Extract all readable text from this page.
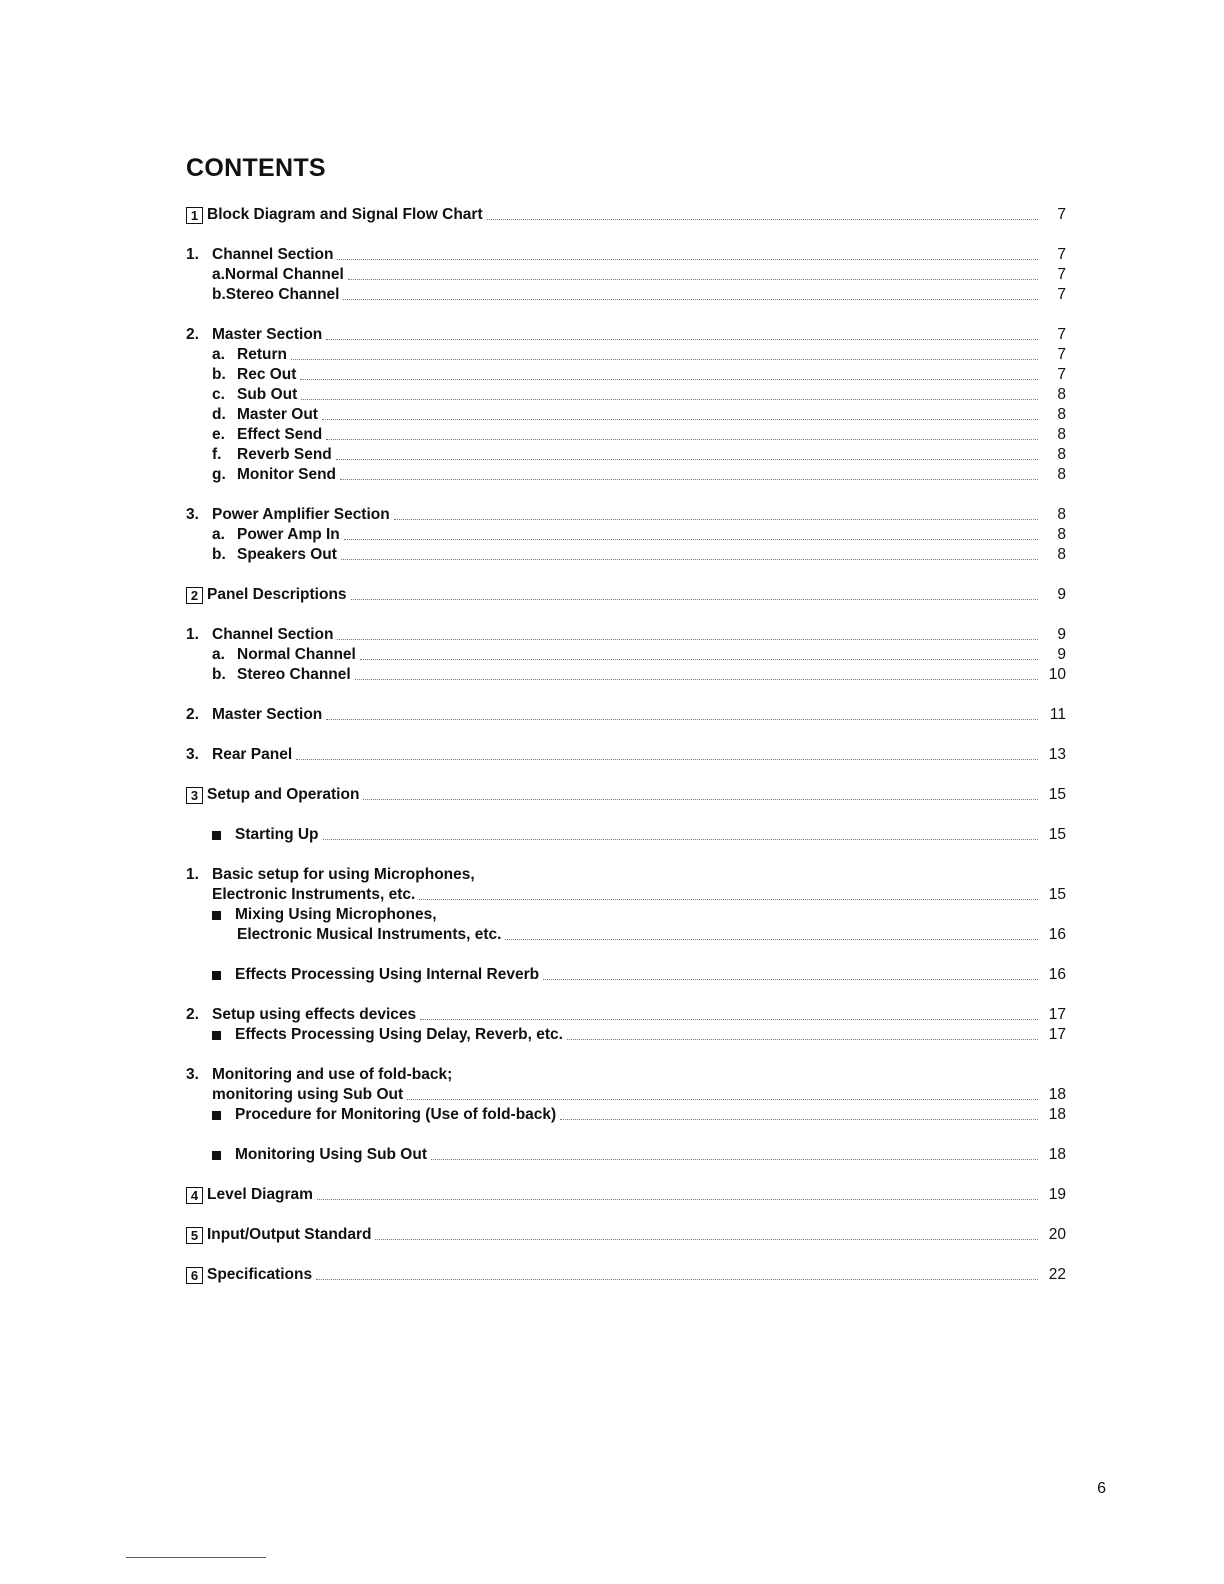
CONTENTS
1 Block Diagram and Signal Flow Chart	7
1. Channel Section	7
a.Normal Channel	7
b.Stereo Channel	7
2. Master Section	7
a. Return	7
b. Rec Out	7
c. Sub Out	8
d. Master Out	8
e. Effect Send	8
f.	Reverb Send	8
g. Monitor Send	8
3. Power Amplifier Section	8
a. Power Amp In	8
b. Speakers Out	8
2 Panel Descriptions	9
1. Channel Section	9
a. Normal Channel	9
b. Stereo Channel	10
2. Master Section	11
3. Rear Panel	13
3 Setup and Operation	15
Starting Up	15
1. Basic setup for using Microphones,
Electronic Instruments, etc.	15
Mixing Using Microphones,
Electronic Musical Instruments, etc.	16
Effects Processing Using Internal Reverb	16
2. Setup using effects devices	17
Effects Processing Using Delay, Reverb, etc.	17
3. Monitoring and use of fold-back;
monitoring using Sub Out	18
Procedure for Monitoring (Use of fold-back)	18
Monitoring Using Sub Out	18
4 Level Diagram	19
5 Input/Output Standard	20
6 Specifications	22
6
